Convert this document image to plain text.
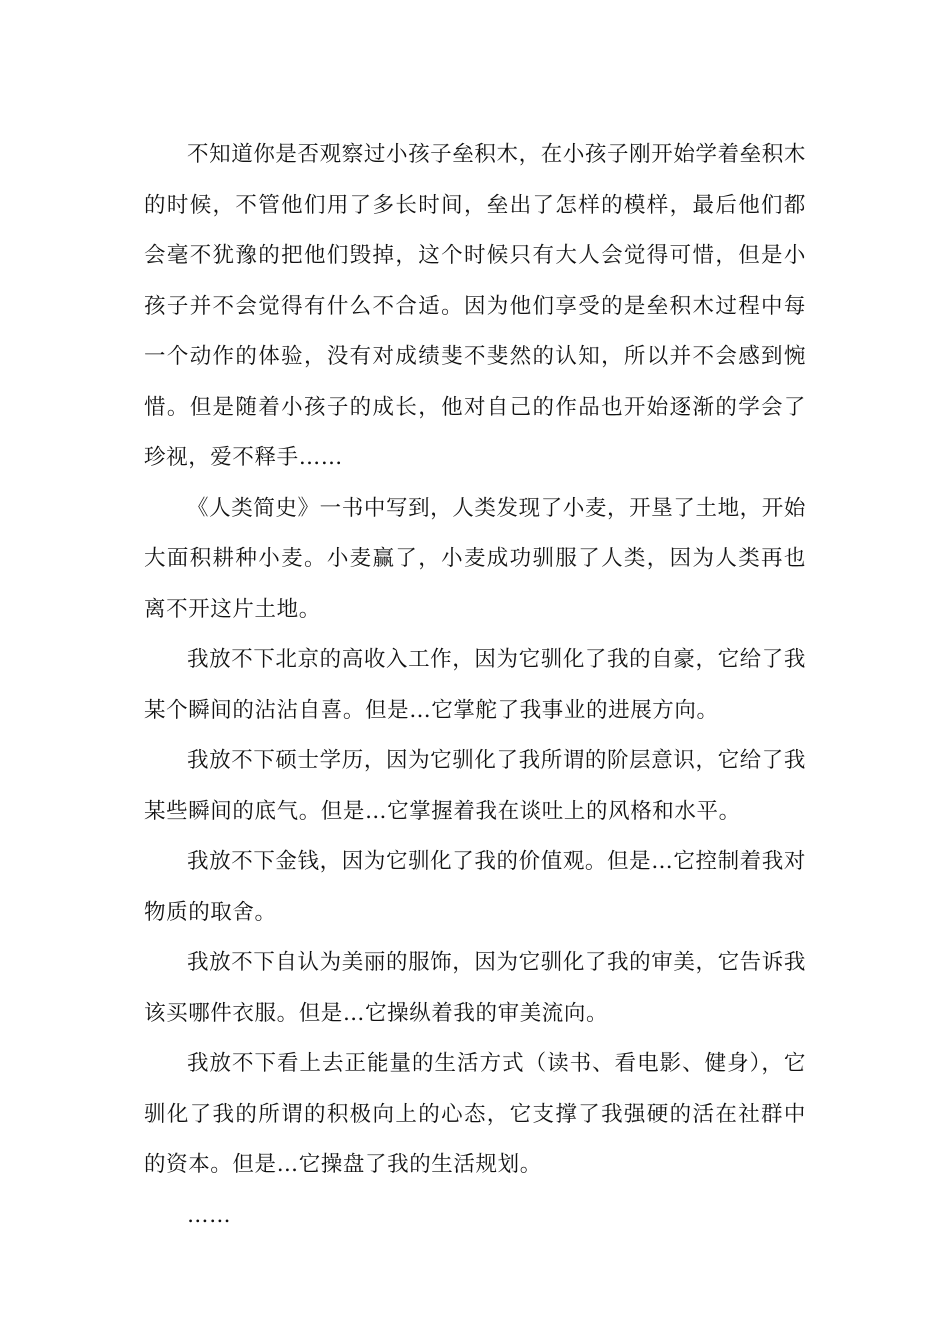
不知道你是否观察过小孩子垒积木，在小孩子刚开始学着垒积木的时候，不管他们用了多长时间，垒出了怎样的模样，最后他们都会毫不犹豫的把他们毁掉，这个时候只有大人会觉得可惜，但是小孩子并不会觉得有什么不合适。因为他们享受的是垒积木过程中每一个动作的体验，没有对成绩斐不斐然的认知，所以并不会感到惋惜。但是随着小孩子的成长，他对自己的作品也开始逐渐的学会了珍视，爱不释手……

《人类简史》一书中写到，人类发现了小麦，开垦了土地，开始大面积耕种小麦。小麦赢了，小麦成功驯服了人类，因为人类再也离不开这片土地。

我放不下北京的高收入工作，因为它驯化了我的自豪，它给了我某个瞬间的沾沾自喜。但是…它掌舵了我事业的进展方向。

我放不下硕士学历，因为它驯化了我所谓的阶层意识，它给了我某些瞬间的底气。但是…它掌握着我在谈吐上的风格和水平。

我放不下金钱，因为它驯化了我的价值观。但是…它控制着我对物质的取舍。

我放不下自认为美丽的服饰，因为它驯化了我的审美，它告诉我该买哪件衣服。但是…它操纵着我的审美流向。

我放不下看上去正能量的生活方式（读书、看电影、健身），它驯化了我的所谓的积极向上的心态，它支撑了我强硬的活在社群中的资本。但是…它操盘了我的生活规划。

……
